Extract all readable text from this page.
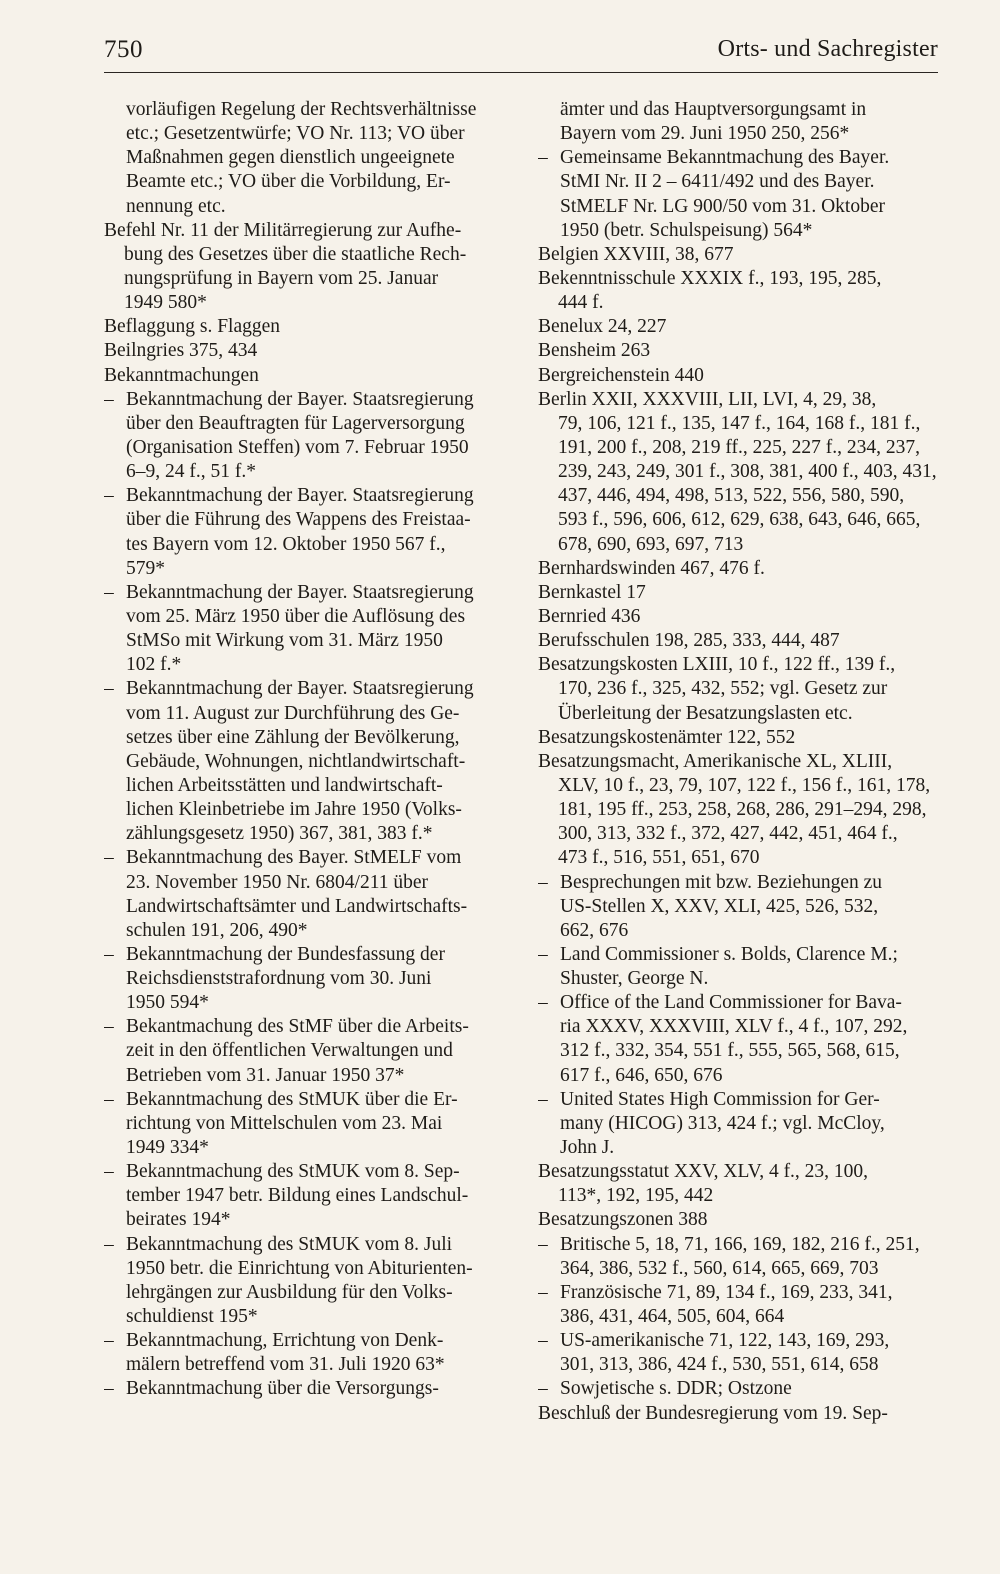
750	Orts- und Sachregister
vorläufigen Regelung der Rechtsverhältnisse
etc.; Gesetzentwürfe; VO Nr. 113; VO über
Maßnahmen gegen dienstlich ungeeignete
Beamte etc.; VO über die Vorbildung, Er-
nennung etc.
Befehl Nr. 11 der Militärregierung zur Aufhe-
bung des Gesetzes über die staatliche Rech-
nungsprüfung in Bayern vom 25. Januar
1949 580*
Beflaggung s. Flaggen
Beilngries 375, 434
Bekanntmachungen
– Bekanntmachung der Bayer. Staatsregierung
über den Beauftragten für Lagerversorgung
(Organisation Steffen) vom 7. Februar 1950
6–9, 24 f., 51 f.*
– Bekanntmachung der Bayer. Staatsregierung
über die Führung des Wappens des Freistaa-
tes Bayern vom 12. Oktober 1950 567 f.,
579*
– Bekanntmachung der Bayer. Staatsregierung
vom 25. März 1950 über die Auflösung des
StMSo mit Wirkung vom 31. März 1950
102 f.*
– Bekanntmachung der Bayer. Staatsregierung
vom 11. August zur Durchführung des Ge-
setzes über eine Zählung der Bevölkerung,
Gebäude, Wohnungen, nichtlandwirtschaft-
lichen Arbeitsstätten und landwirtschaft-
lichen Kleinbetriebe im Jahre 1950 (Volks-
zählungsgesetz 1950) 367, 381, 383 f.*
– Bekanntmachung des Bayer. StMELF vom
23. November 1950 Nr. 6804/211 über
Landwirtschaftsämter und Landwirtschafts-
schulen 191, 206, 490*
– Bekanntmachung der Bundesfassung der
Reichsdienststrafordnung vom 30. Juni
1950 594*
– Bekantmachung des StMF über die Arbeits-
zeit in den öffentlichen Verwaltungen und
Betrieben vom 31. Januar 1950 37*
– Bekanntmachung des StMUK über die Er-
richtung von Mittelschulen vom 23. Mai
1949 334*
– Bekanntmachung des StMUK vom 8. Sep-
tember 1947 betr. Bildung eines Landschul-
beirates 194*
– Bekanntmachung des StMUK vom 8. Juli
1950 betr. die Einrichtung von Abiturienten-
lehrgängen zur Ausbildung für den Volks-
schuldienst 195*
– Bekanntmachung, Errichtung von Denk-
mälern betreffend vom 31. Juli 1920 63*
– Bekanntmachung über die Versorgungs-
ämter und das Hauptversorgungsamt in
Bayern vom 29. Juni 1950 250, 256*
– Gemeinsame Bekanntmachung des Bayer.
StMI Nr. II 2 – 6411/492 und des Bayer.
StMELF Nr. LG 900/50 vom 31. Oktober
1950 (betr. Schulspeisung) 564*
Belgien XXVIII, 38, 677
Bekenntnisschule XXXIX f., 193, 195, 285,
444 f.
Benelux 24, 227
Bensheim 263
Bergreichenstein 440
Berlin XXII, XXXVIII, LII, LVI, 4, 29, 38,
79, 106, 121 f., 135, 147 f., 164, 168 f., 181 f.,
191, 200 f., 208, 219 ff., 225, 227 f., 234, 237,
239, 243, 249, 301 f., 308, 381, 400 f., 403, 431,
437, 446, 494, 498, 513, 522, 556, 580, 590,
593 f., 596, 606, 612, 629, 638, 643, 646, 665,
678, 690, 693, 697, 713
Bernhardswinden 467, 476 f.
Bernkastel 17
Bernried 436
Berufsschulen 198, 285, 333, 444, 487
Besatzungskosten LXIII, 10 f., 122 ff., 139 f.,
170, 236 f., 325, 432, 552; vgl. Gesetz zur
Überleitung der Besatzungslasten etc.
Besatzungskostenämter 122, 552
Besatzungsmacht, Amerikanische XL, XLIII,
XLV, 10 f., 23, 79, 107, 122 f., 156 f., 161, 178,
181, 195 ff., 253, 258, 268, 286, 291–294, 298,
300, 313, 332 f., 372, 427, 442, 451, 464 f.,
473 f., 516, 551, 651, 670
– Besprechungen mit bzw. Beziehungen zu
US-Stellen X, XXV, XLI, 425, 526, 532,
662, 676
– Land Commissioner s. Bolds, Clarence M.;
Shuster, George N.
– Office of the Land Commissioner for Bava-
ria XXXV, XXXVIII, XLV f., 4 f., 107, 292,
312 f., 332, 354, 551 f., 555, 565, 568, 615,
617 f., 646, 650, 676
– United States High Commission for Ger-
many (HICOG) 313, 424 f.; vgl. McCloy,
John J.
Besatzungsstatut XXV, XLV, 4 f., 23, 100,
113*, 192, 195, 442
Besatzungszonen 388
– Britische 5, 18, 71, 166, 169, 182, 216 f., 251,
364, 386, 532 f., 560, 614, 665, 669, 703
– Französische 71, 89, 134 f., 169, 233, 341,
386, 431, 464, 505, 604, 664
– US-amerikanische 71, 122, 143, 169, 293,
301, 313, 386, 424 f., 530, 551, 614, 658
– Sowjetische s. DDR; Ostzone
Beschluß der Bundesregierung vom 19. Sep-
